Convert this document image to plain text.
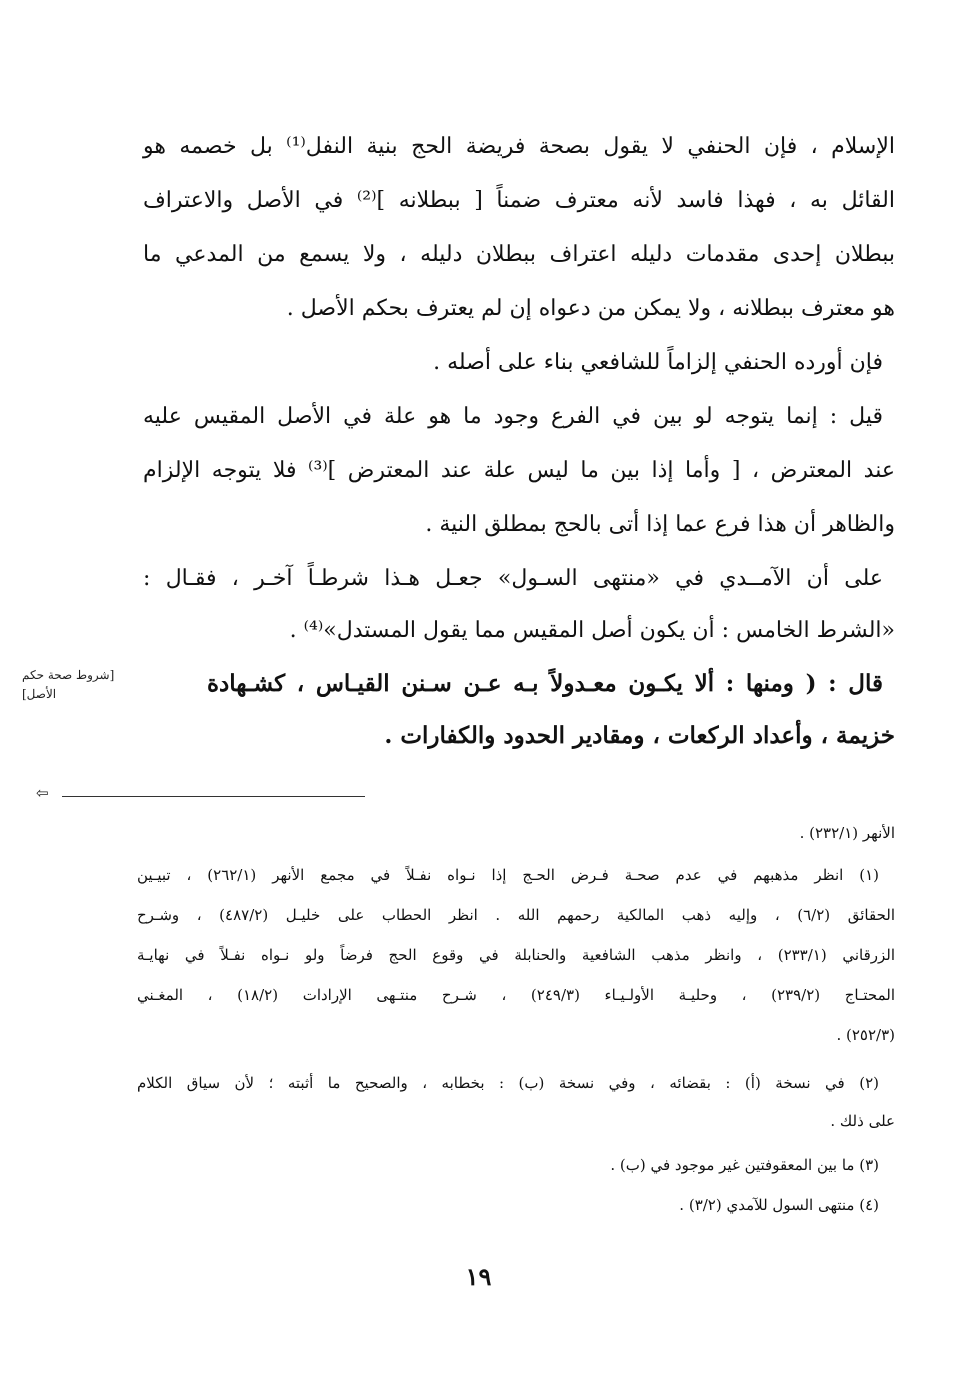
الإسلام ، فإن الحنفي لا يقول بصحة فريضة الحج بنية النفل⁽¹⁾ بل خصمه هو
القائل به ، فهذا فاسد لأنه معترف ضمناً [ ببطلانه ]⁽²⁾ في الأصل والاعتراف
ببطلان إحدى مقدمات دليله اعتراف ببطلان دليله ، ولا يسمع من المدعي ما
هو معترف ببطلانه ، ولا يمكن من دعواه إن لم يعترف بحكم الأصل .
فإن أورده الحنفي إلزاماً للشافعي بناء على أصله .
قيل : إنما يتوجه لو بين في الفرع وجود ما هو علة في الأصل المقيس عليه
عند المعترض ، [ وأما إذا بين ما ليس علة عند المعترض ]⁽³⁾ فلا يتوجه الإلزام
والظاهر أن هذا فرع عما إذا أتى بالحج بمطلق النية .
على أن الآمــدي في «منتهى السـول» جعـل هـذا شرطـاً آخـر ، فقـال :
«الشرط الخامس : أن يكون أصل المقيس مما يقول المستدل»⁽⁴⁾ .
قال : ( ومنها : ألا يكـون معـدولاً بـه عـن سـنن القيـاس ، كشـهادة
خزيمة ، وأعداد الركعات ، ومقادير الحدود والكفارات .
[شروط صحة حكم الأصل]
⇦
الأنهر (٢٣٢/١) .
(١) انظر مذهبهم في عدم صحـة فـرض الحـج إذا نـواه نفـلاً في مجمع الأنهر (٢٦٢/١) ، تبيـين
الحقائق (٦/٢) ، وإليه ذهب المالكية رحمهم الله . انظر الحطاب على خليـل (٤٨٧/٢) ، وشـرح
الزرقاني (٢٣٣/١) ، وانظر مذهب الشافعية والحنابلة في وقوع الحج فرضاً ولو نـواه نفـلاً في نهايـة
المحتـاج (٢٣٩/٢) ، وحليـة الأولـيـاء (٢٤٩/٣) ، شـرح منتـهى الإرادات (١٨/٢) ، المغـني
(٢٥٢/٣) .
(٢) في نسخة (أ) : بقضائه ، وفي نسخة (ب) : بخطابه ، والصحيح ما أثبته ؛ لأن سياق الكلام
على ذلك .
(٣) ما بين المعقوفتين غير موجود في (ب) .
(٤) منتهى السول للآمدي (٣/٢) .
١٩
